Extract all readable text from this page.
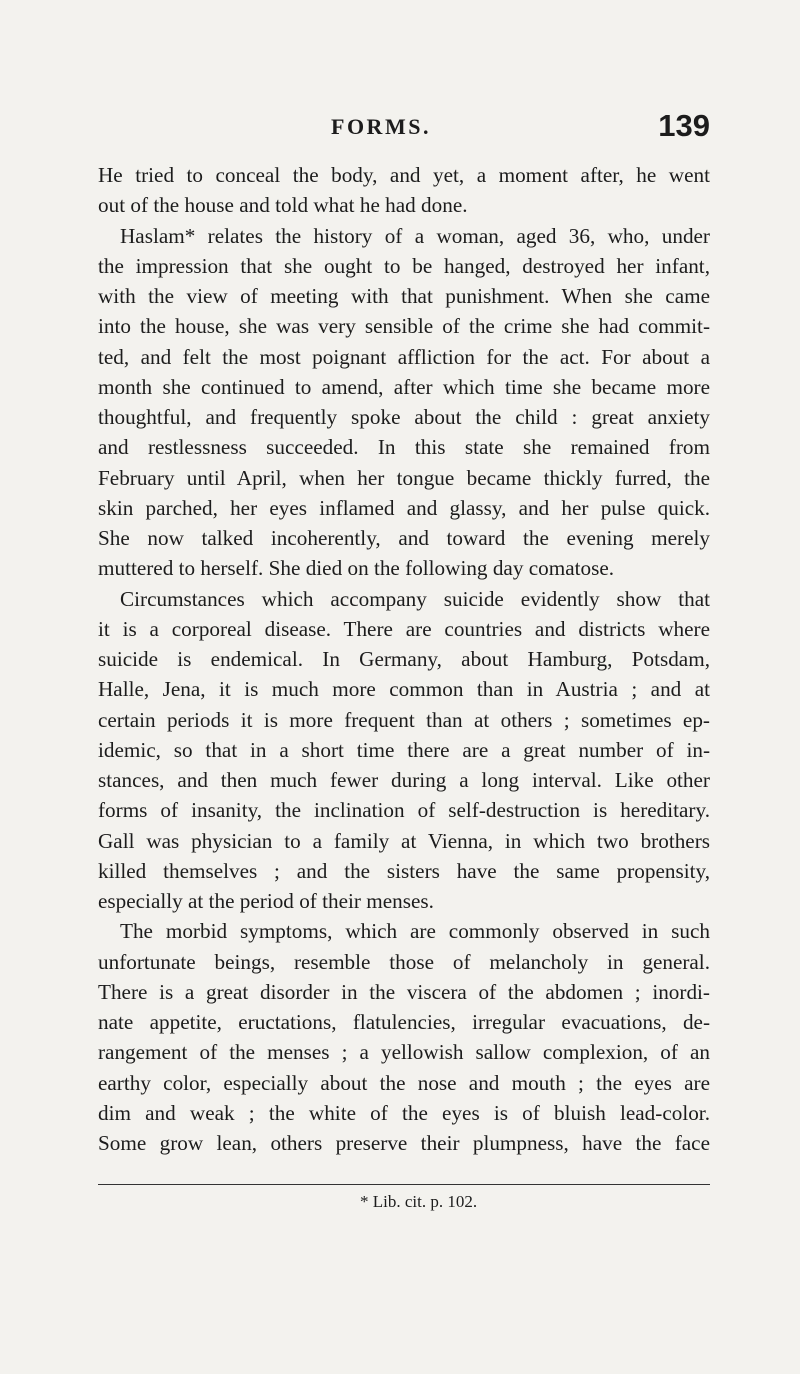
FORMS.	139
He tried to conceal the body, and yet, a moment after, he went
out of the house and told what he had done.
Haslam* relates the history of a woman, aged 36, who, under
the impression that she ought to be hanged, destroyed her infant,
with the view of meeting with that punishment. When she came
into the house, she was very sensible of the crime she had commit-
ted, and felt the most poignant affliction for the act. For about a
month she continued to amend, after which time she became more
thoughtful, and frequently spoke about the child : great anxiety
and restlessness succeeded. In this state she remained from
February until April, when her tongue became thickly furred, the
skin parched, her eyes inflamed and glassy, and her pulse quick.
She now talked incoherently, and toward the evening merely
muttered to herself. She died on the following day comatose.
Circumstances which accompany suicide evidently show that
it is a corporeal disease. There are countries and districts where
suicide is endemical. In Germany, about Hamburg, Potsdam,
Halle, Jena, it is much more common than in Austria ; and at
certain periods it is more frequent than at others ; sometimes ep-
idemic, so that in a short time there are a great number of in-
stances, and then much fewer during a long interval. Like other
forms of insanity, the inclination of self-destruction is hereditary.
Gall was physician to a family at Vienna, in which two brothers
killed themselves ; and the sisters have the same propensity,
especially at the period of their menses.
The morbid symptoms, which are commonly observed in such
unfortunate beings, resemble those of melancholy in general.
There is a great disorder in the viscera of the abdomen ; inordi-
nate appetite, eructations, flatulencies, irregular evacuations, de-
rangement of the menses ; a yellowish sallow complexion, of an
earthy color, especially about the nose and mouth ; the eyes are
dim and weak ; the white of the eyes is of bluish lead-color.
Some grow lean, others preserve their plumpness, have the face
* Lib. cit. p. 102.
